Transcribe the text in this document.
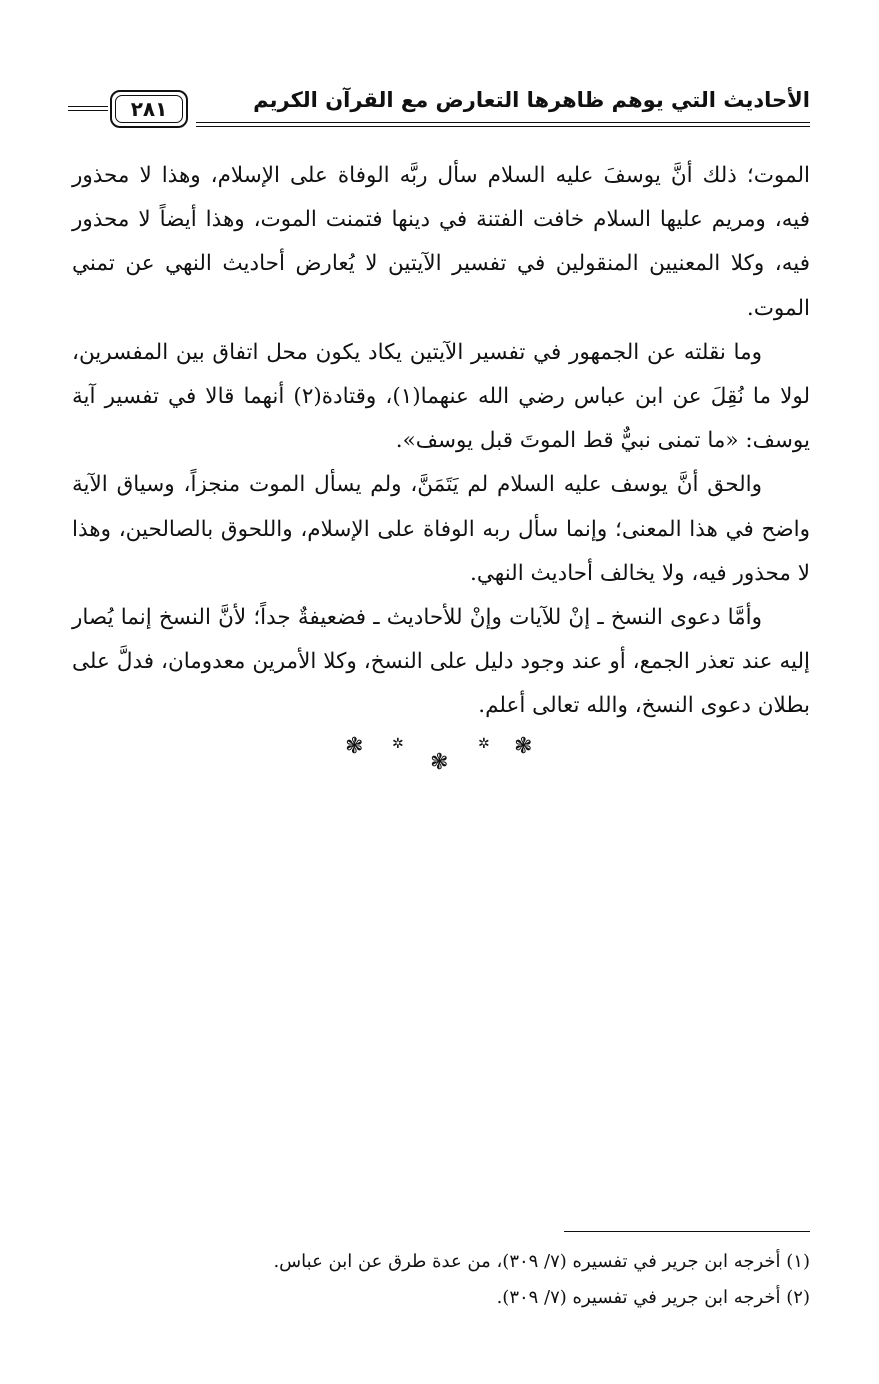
٢٨١	الأحاديث التي يوهم ظاهرها التعارض مع القرآن الكريم

الموت؛ ذلك أنَّ يوسفَ عليه السلام سأل ربَّه الوفاة على الإسلام، وهذا لا محذور فيه، ومريم عليها السلام خافت الفتنة في دينها فتمنت الموت، وهذا أيضاً لا محذور فيه، وكلا المعنيين المنقولين في تفسير الآيتين لا يُعارض أحاديث النهي عن تمني الموت.

وما نقلته عن الجمهور في تفسير الآيتين يكاد يكون محل اتفاق بين المفسرين، لولا ما نُقِلَ عن ابن عباس رضي الله عنهما(١)، وقتادة(٢) أنهما قالا في تفسير آية يوسف: «ما تمنى نبيٌّ قط الموتَ قبل يوسف».

والحق أنَّ يوسف عليه السلام لم يَتَمَنَّ، ولم يسأل الموت منجزاً، وسياق الآية واضح في هذا المعنى؛ وإنما سأل ربه الوفاة على الإسلام، واللحوق بالصالحين، وهذا لا محذور فيه، ولا يخالف أحاديث النهي.

وأمَّا دعوى النسخ ـ إنْ للآيات وإنْ للأحاديث ـ فضعيفةٌ جداً؛ لأنَّ النسخ إنما يُصار إليه عند تعذر الجمع، أو عند وجود دليل على النسخ، وكلا الأمرين معدومان، فدلَّ على بطلان دعوى النسخ، والله تعالى أعلم.

❃ ✲
❃
✲ ❃
(١) أخرجه ابن جرير في تفسيره (٧/ ٣٠٩)، من عدة طرق عن ابن عباس.
(٢) أخرجه ابن جرير في تفسيره (٧/ ٣٠٩).
